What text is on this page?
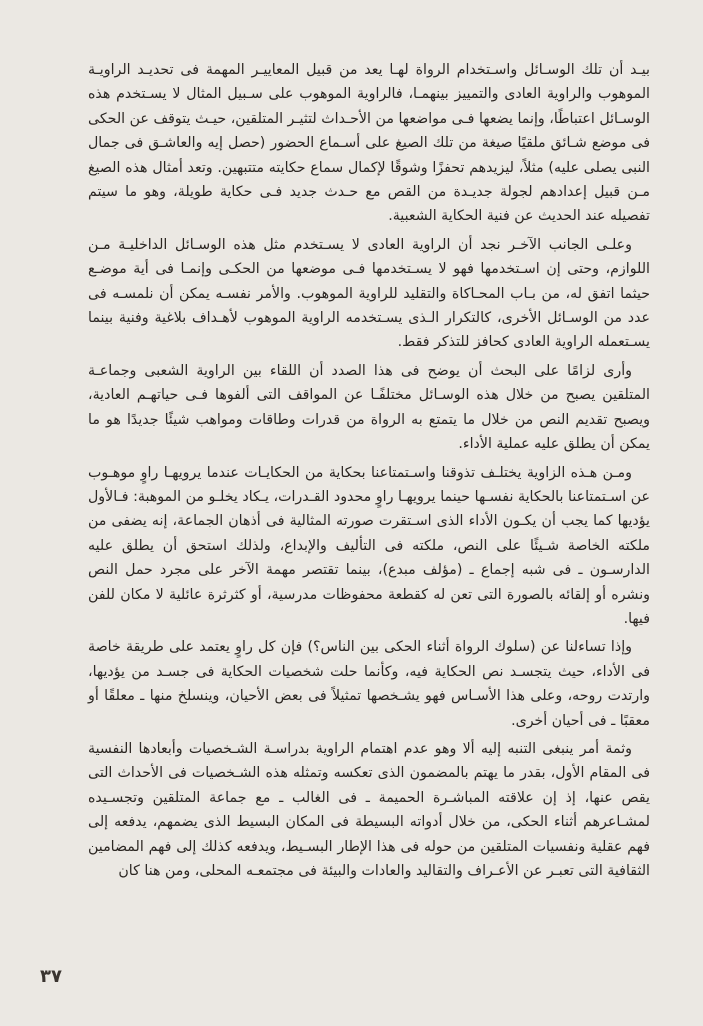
بيـد أن تلك الوسـائل واسـتخدام الرواة لهـا يعد من قبيل المعاييـر المهمة فى تحديـد الراويـة الموهوب والراوية العادى والتمييز بينهمـا، فالراوية الموهوب على سـبيل المثال لا يسـتخدم هذه الوسـائل اعتباطًا، وإنما يضعها فـى مواضعها من الأحـداث لتثيـر المتلقين، حيـث يتوقف عن الحكى فى موضع شـائق ملقيًا صيغة من تلك الصيغ على أسـماع الحضور (حصل إيه والعاشـق فى جمال النبى يصلى عليه) مثلاً، ليزيدهم تحفزًا وشوقًا لإكمال سماع حكايته متتبهين. وتعد أمثال هذه الصيغ مـن قبيل إعدادهم لجولة جديـدة من القص مع حـدث جديد فـى حكاية طويلة، وهو ما سيتم تفصيله عند الحديث عن فنية الحكاية الشعبية.

وعلـى الجانب الآخـر نجد أن الراوية العادى لا يسـتخدم مثل هذه الوسـائل الداخليـة مـن اللوازم، وحتى إن اسـتخدمها فهو لا يسـتخدمها فـى موضعها من الحكـى وإنمـا فى أية موضـع حيثما اتفق له، من بـاب المحـاكاة والتقليد للراوية الموهوب. والأمر نفسـه يمكن أن نلمسـه فى عدد من الوسـائل الأخرى، كالتكرار الـذى يسـتخدمه الراوية الموهوب لأهـداف بلاغية وفنية بينما يسـتعمله الراوية العادى كحافز للتذكر فقط.

وأرى لزامًا على البحث أن يوضح فى هذا الصدد أن اللقاء بين الراوية الشعبى وجماعـة المتلقين يصبح من خلال هذه الوسـائل مختلفًـا عن المواقف التى ألفوها فـى حياتهـم العادية، ويصبح تقديم النص من خلال ما يتمتع به الرواة من قدرات وطاقات ومواهب شيئًا جديدًا هو ما يمكن أن يطلق عليه عملية الأداء.

ومـن هـذه الزاوية يختلـف تذوقنا واسـتمتاعنا بحكاية من الحكايـات عندما يرويهـا راوٍ موهـوب عن اسـتمتاعنا بالحكاية نفسـها حينما يرويهـا راوٍ محدود القـدرات، يـكاد يخلـو من الموهبة: فـالأول يؤديها كما يجب أن يكـون الأداء الذى اسـتقرت صورته المثالية فى أذهان الجماعة، إنه يضفى من ملكته الخاصة شـيئًا على النص، ملكته فى التأليف والإبداع، ولذلك استحق أن يطلق عليه الدارسـون ـ فى شبه إجماع ـ (مؤلف مبدع)، بينما تقتصر مهمة الآخر على مجرد حمل النص ونشره أو إلقائه بالصورة التى تعن له كقطعة محفوظات مدرسية، أو كثرثرة عائلية لا مكان للفن فيها.

وإذا تساءلنا عن (سلوك الرواة أثناء الحكى بين الناس؟) فإن كل راوٍ يعتمد على طريقة خاصة فى الأداء، حيث يتجسـد نص الحكاية فيه، وكأنما حلت شخصيات الحكاية فى جسـد من يؤديها، وارتدت روحه، وعلى هذا الأسـاس فهو يشـخصها تمثيلاً فى بعض الأحيان، وينسلخ منها ـ معلقًا أو معقبًا ـ فى أحيان أخرى.

وثمة أمر ينبغى التنبه إليه ألا وهو عدم اهتمام الراوية بدراسـة الشـخصيات وأبعادها النفسية فى المقام الأول، بقدر ما يهتم بالمضمون الذى تعكسه وتمثله هذه الشـخصيات فى الأحداث التى يقص عنها، إذ إن علاقته المباشـرة الحميمة ـ فى الغالب ـ مع جماعة المتلقين وتجسـيده لمشـاعرهم أثناء الحكى، من خلال أدواته البسيطة فى المكان البسيط الذى يضمهم، يدفعه إلى فهم عقلية ونفسيات المتلقين من حوله فى هذا الإطار البسـيط، ويدفعه كذلك إلى فهم المضامين الثقافية التى تعبـر عن الأعـراف والتقاليد والعادات والبيئة فى مجتمعـه المحلى، ومن هنا كان

٣٧
